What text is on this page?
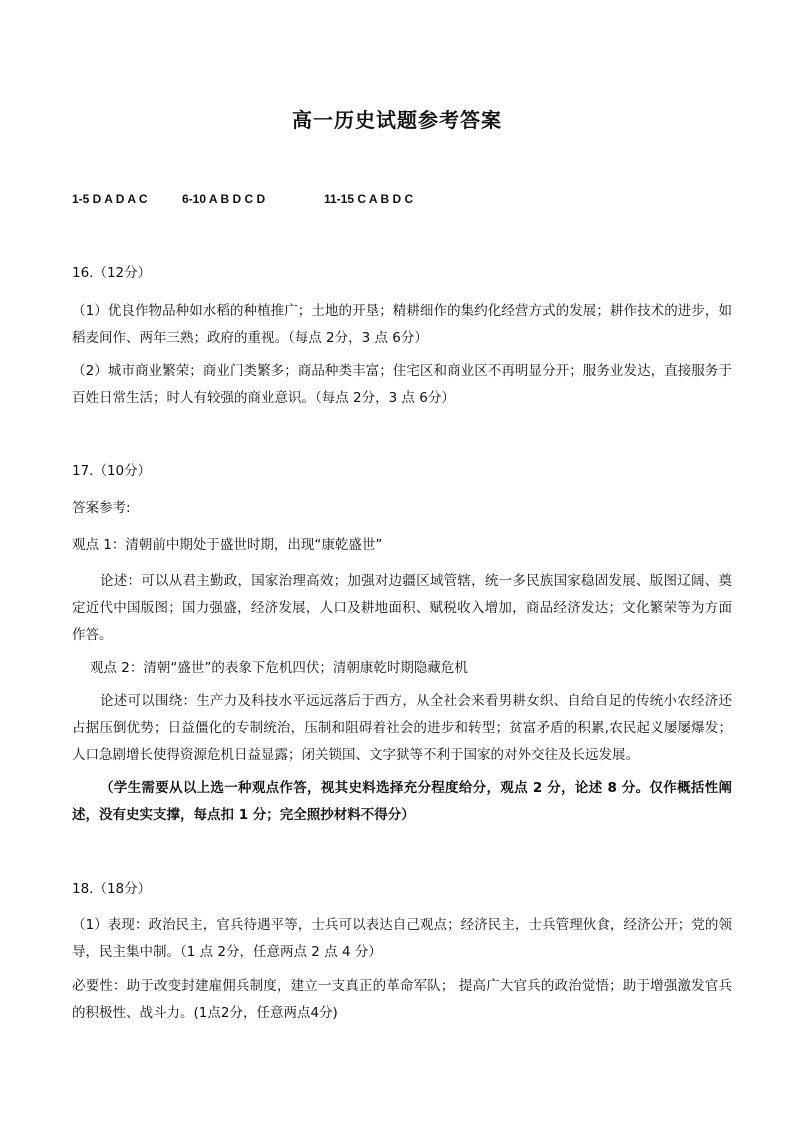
高一历史试题参考答案
1-5 D A D A C	6-10 A B D C D	11-15 C A B D C
16.（12分）
（1）优良作物品种如水稻的种植推广；土地的开垦；精耕细作的集约化经营方式的发展；耕作技术的进步，如稻麦间作、两年三熟；政府的重视。（每点 2分，3 点 6分）
（2）城市商业繁荣；商业门类繁多；商品种类丰富；住宅区和商业区不再明显分开；服务业发达，直接服务于百姓日常生活；时人有较强的商业意识。（每点 2分，3 点 6分）
17.（10分）
答案参考:
观点 1：清朝前中期处于盛世时期，出现“康乾盛世”
论述：可以从君主勤政，国家治理高效；加强对边疆区域管辖，统一多民族国家稳固发展、版图辽阔、奠定近代中国版图；国力强盛，经济发展，人口及耕地面积、赋税收入增加，商品经济发达；文化繁荣等为方面作答。
观点 2：清朝“盛世”的表象下危机四伏；清朝康乾时期隐藏危机
论述可以围绕：生产力及科技水平远远落后于西方，从全社会来看男耕女织、自给自足的传统小农经济还占据压倒优势；日益僵化的专制统治，压制和阻碍着社会的进步和转型；贫富矛盾的积累,农民起义屡屡爆发；人口急剧增长使得资源危机日益显露；闭关锁国、文字狱等不利于国家的对外交往及长远发展。
（学生需要从以上选一种观点作答，视其史料选择充分程度给分，观点 2 分，论述 8 分。仅作概括性阐述，没有史实支撑，每点扣 1 分；完全照抄材料不得分）
18.（18分）
（1）表现：政治民主，官兵待遇平等，士兵可以表达自己观点；经济民主，士兵管理伙食，经济公开；党的领导，民主集中制。（1 点 2分，任意两点 2 点 4 分）
必要性：助于改变封建雇佣兵制度，建立一支真正的革命军队； 提高广大官兵的政治觉悟；助于增强激发官兵的积极性、战斗力。(1点2分，任意两点4分)
